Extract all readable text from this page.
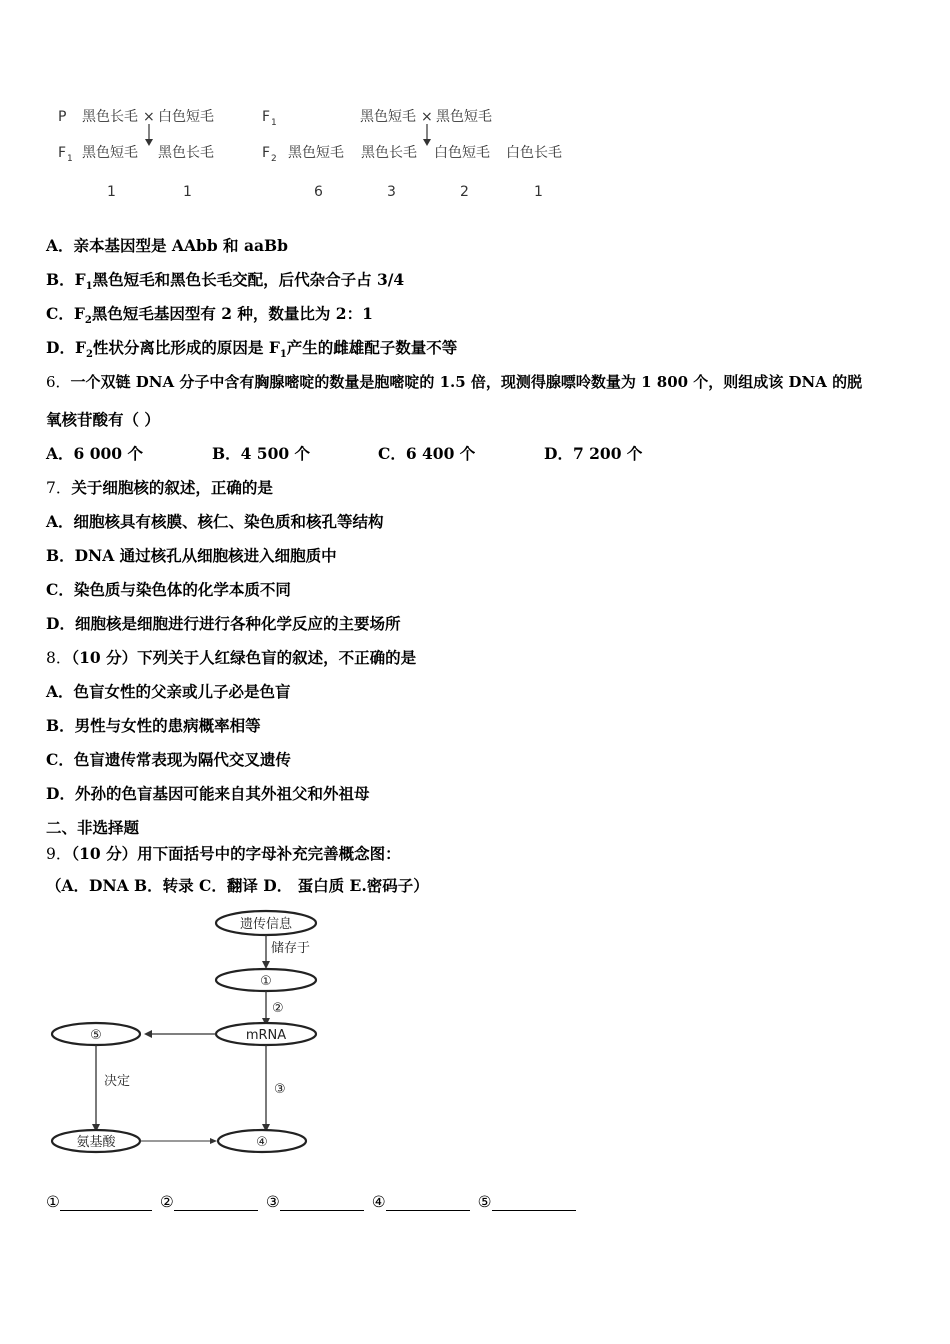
P 黑色长毛 × 白色短毛
F 1 黑色短毛 黑色长毛
1	1
F 1	黑色短毛 × 黑色短毛
F 2 黑色短毛 黑色长毛 白色短毛 白色长毛
6	3	2	1
A．亲本基因型是 AAbb 和 aaBb
B．$F_1$黑色短毛和黑色长毛交配，后代杂合子占 3/4
C．$F_2$黑色短毛基因型有 2 种，数量比为 2：1
D．$F_2$性状分离比形成的原因是 $F_1$产生的雌雄配子数量不等
6．一个双链 DNA 分子中含有胸腺嘧啶的数量是胞嘧啶的 1.5 倍，现测得腺嘌呤数量为 1 800 个，则组成该 DNA 的脱
氧核苷酸有（ ）
A．6 000 个	B．4 500 个	C．6 400 个	D．7 200 个
7．关于细胞核的叙述，正确的是
A．细胞核具有核膜、核仁、染色质和核孔等结构
B．DNA 通过核孔从细胞核进入细胞质中
C．染色质与染色体的化学本质不同
D．细胞核是细胞进行进行各种化学反应的主要场所
8．（10 分）下列关于人红绿色盲的叙述，不正确的是
A．色盲女性的父亲或儿子必是色盲
B．男性与女性的患病概率相等
C．色盲遗传常表现为隔代交叉遗传
D．外孙的色盲基因可能来自其外祖父和外祖母
二、非选择题
9．（10 分）用下面括号中的字母补充完善概念图：
（A．DNA B．转录 C．翻译 D． 蛋白质 E.密码子）
遗传信息
储存于
①
②
mRNA
⑤
决定
③
氨基酸	④
①	②	③	④	⑤
